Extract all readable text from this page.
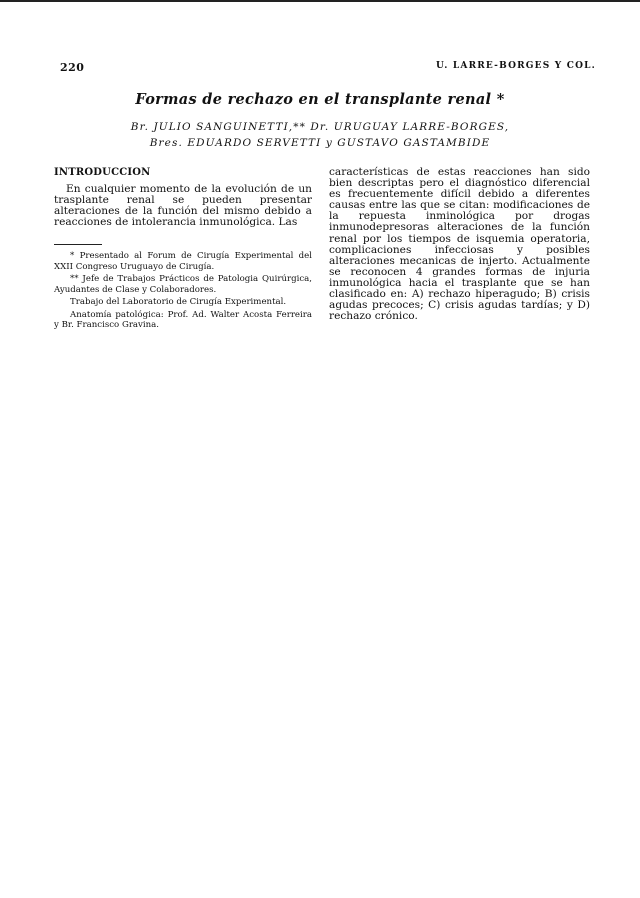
220	U. LARRE-BORGES Y COL.
Formas de rechazo en el transplante renal *
Br. JULIO SANGUINETTI,** Dr. URUGUAY LARRE-BORGES,
Bres. EDUARDO SERVETTI y GUSTAVO GASTAMBIDE
INTRODUCCION

En cualquier momento de la evolución de un trasplante renal se pueden presentar alteraciones de la función del mismo debido a reacciones de intolerancia inmunológica. Las

* Presentado al Forum de Cirugía Experimental del XXII Congreso Uruguayo de Cirugía.

** Jefe de Trabajos Prácticos de Patologia Quirúrgica, Ayudantes de Clase y Colaboradores.

Trabajo del Laboratorio de Cirugía Experimental.

Anatomía patológica: Prof. Ad. Walter Acosta Ferreira y Br. Francisco Gravina.

características de estas reacciones han sido bien descriptas pero el diagnóstico diferencial es frecuentemente difícil debido a diferentes causas entre las que se citan: modificaciones de la repuesta inminológica por drogas inmunodepresoras alteraciones de la función renal por los tiempos de isquemia operatoria, complicaciones infecciosas y posibles alteraciones mecanicas de injerto. Actualmente se reconocen 4 grandes formas de injuria inmunológica hacia el trasplante que se han clasificado en: A) rechazo hiperagudo; B) crisis agudas precoces; C) crisis agudas tardías; y D) rechazo crónico.
